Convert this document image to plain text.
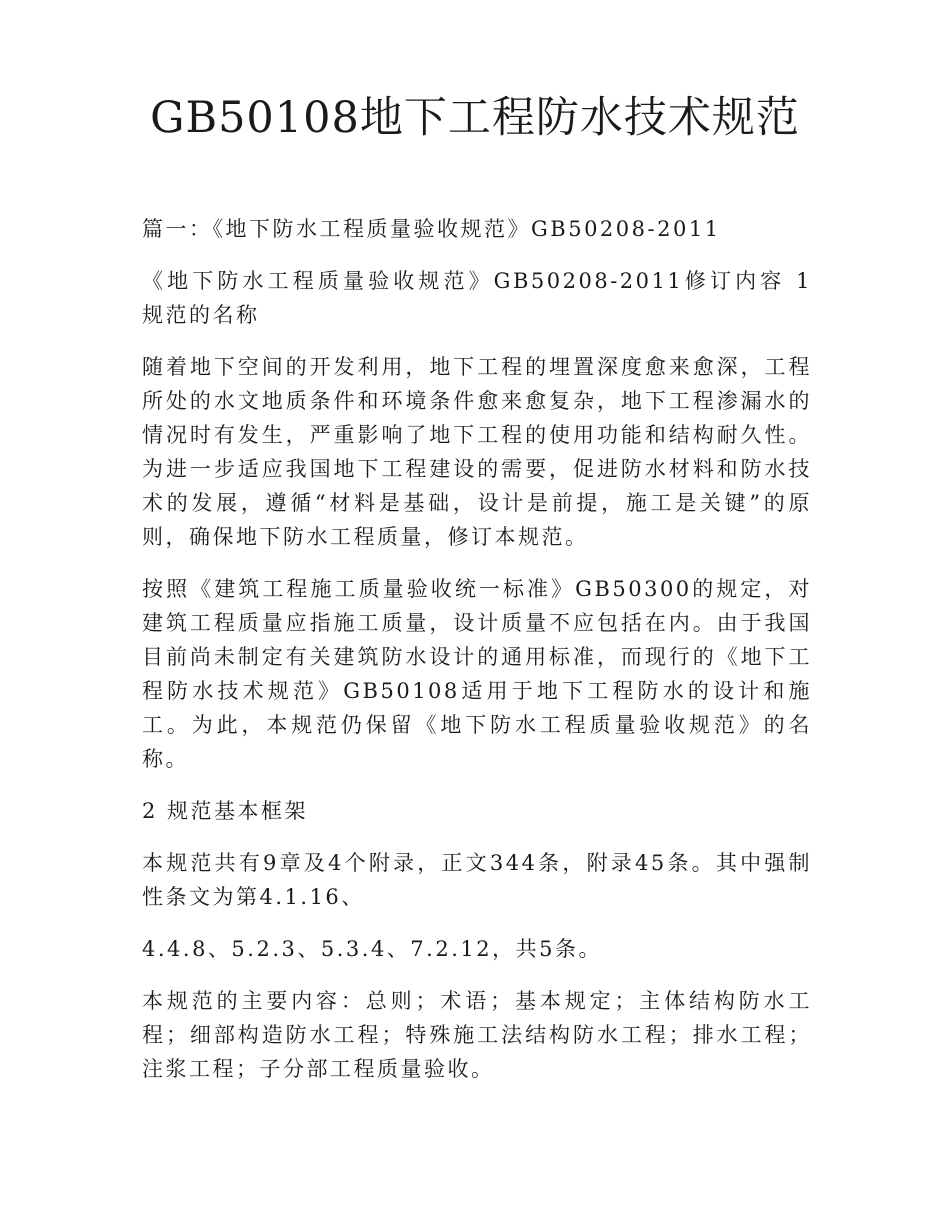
GB50108地下工程防水技术规范

篇一：《地下防水工程质量验收规范》GB50208-2011

《地下防水工程质量验收规范》GB50208-2011修订内容 1 规范的名称

随着地下空间的开发利用，地下工程的埋置深度愈来愈深，工程所处的水文地质条件和环境条件愈来愈复杂，地下工程渗漏水的情况时有发生，严重影响了地下工程的使用功能和结构耐久性。为进一步适应我国地下工程建设的需要，促进防水材料和防水技术的发展，遵循“材料是基础，设计是前提，施工是关键”的原则，确保地下防水工程质量，修订本规范。

按照《建筑工程施工质量验收统一标准》GB50300的规定，对建筑工程质量应指施工质量，设计质量不应包括在内。由于我国目前尚未制定有关建筑防水设计的通用标准，而现行的《地下工程防水技术规范》GB50108适用于地下工程防水的设计和施工。为此，本规范仍保留《地下防水工程质量验收规范》的名称。

2 规范基本框架

本规范共有9章及4个附录，正文344条，附录45条。其中强制性条文为第4.1.16、

4.4.8、5.2.3、5.3.4、7.2.12，共5条。

本规范的主要内容：总则；术语；基本规定；主体结构防水工程；细部构造防水工程；特殊施工法结构防水工程；排水工程；注浆工程；子分部工程质量验收。
